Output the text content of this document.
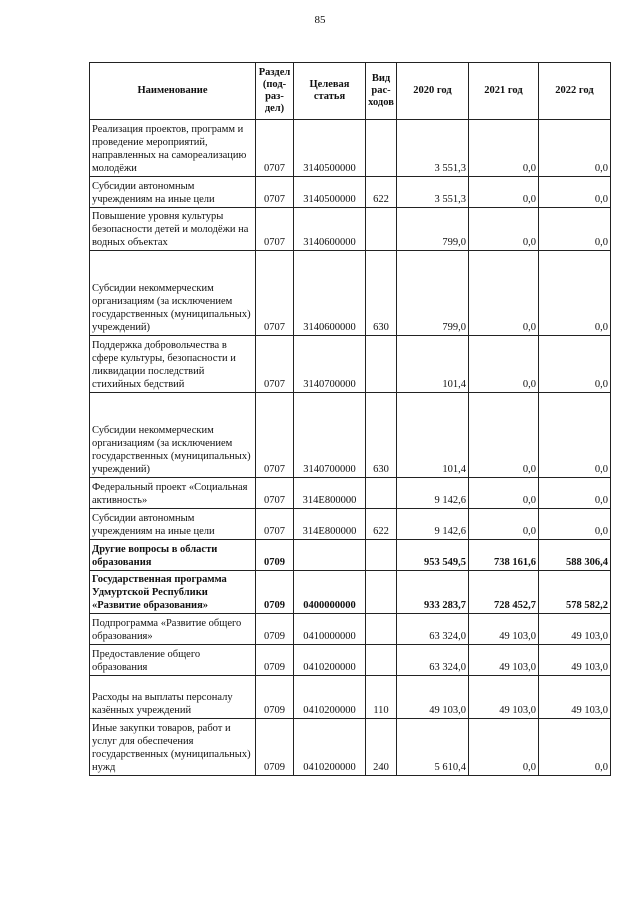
85
Наименование	Раздел (под-раз-дел)	Целевая статья	Вид рас-ходов	2020 год	2021 год	2022 год
Реализация проектов, программ и проведение мероприятий, направленных на самореализацию молодёжи	0707	3140500000		3 551,3	0,0	0,0
Субсидии автономным учреждениям на иные цели	0707	3140500000	622	3 551,3	0,0	0,0
Повышение уровня культуры безопасности детей и молодёжи на водных объектах	0707	3140600000		799,0	0,0	0,0
Субсидии некоммерческим организациям (за исключением государственных (муниципальных) учреждений)	0707	3140600000	630	799,0	0,0	0,0
Поддержка добровольчества в сфере культуры, безопасности и ликвидации последствий стихийных бедствий	0707	3140700000		101,4	0,0	0,0
Субсидии некоммерческим организациям (за исключением государственных (муниципальных) учреждений)	0707	3140700000	630	101,4	0,0	0,0
Федеральный проект «Социальная активность»	0707	314E800000		9 142,6	0,0	0,0
Субсидии автономным учреждениям на иные цели	0707	314E800000	622	9 142,6	0,0	0,0
Другие вопросы в области образования	0709			953 549,5	738 161,6	588 306,4
Государственная программа Удмуртской Республики «Развитие образования»	0709	0400000000		933 283,7	728 452,7	578 582,2
Подпрограмма «Развитие общего образования»	0709	0410000000		63 324,0	49 103,0	49 103,0
Предоставление общего образования	0709	0410200000		63 324,0	49 103,0	49 103,0
Расходы на выплаты персоналу казённых учреждений	0709	0410200000	110	49 103,0	49 103,0	49 103,0
Иные закупки товаров, работ и услуг для обеспечения государственных (муниципальных) нужд	0709	0410200000	240	5 610,4	0,0	0,0
